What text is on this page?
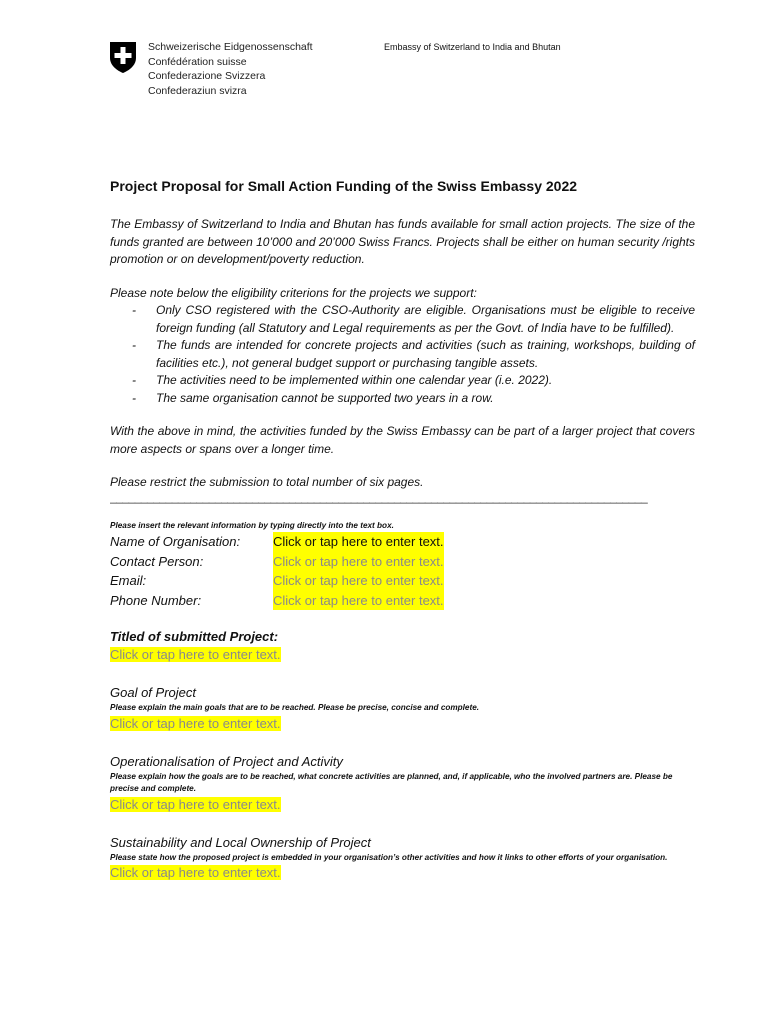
Schweizerische Eidgenossenschaft
Confédération suisse
Confederazione Svizzera
Confederaziun svizra
Embassy of Switzerland to India and Bhutan
Project Proposal for Small Action Funding of the Swiss Embassy 2022

The Embassy of Switzerland to India and Bhutan has funds available for small action projects. The size of the funds granted are between 10’000 and 20’000 Swiss Francs. Projects shall be either on human security /rights promotion or on development/poverty reduction.

Please note below the eligibility criterions for the projects we support:

- Only CSO registered with the CSO-Authority are eligible. Organisations must be eligible to receive foreign funding (all Statutory and Legal requirements as per the Govt. of India have to be fulfilled).
- The funds are intended for concrete projects and activities (such as training, workshops, building of facilities etc.), not general budget support or purchasing tangible assets.
- The activities need to be implemented within one calendar year (i.e. 2022).
- The same organisation cannot be supported two years in a row.

With the above in mind, the activities funded by the Swiss Embassy can be part of a larger project that covers more aspects or spans over a longer time.

Please restrict the submission to total number of six pages.

_______________________________________________________________________________________

Please insert the relevant information by typing directly into the text box.

Name of Organisation:	Click or tap here to enter text.
Contact Person:	Click or tap here to enter text.
Email:	Click or tap here to enter text.
Phone Number:	Click or tap here to enter text.

Titled of submitted Project:

Click or tap here to enter text.

Goal of Project

Please explain the main goals that are to be reached. Please be precise, concise and complete.

Click or tap here to enter text.

Operationalisation of Project and Activity

Please explain how the goals are to be reached, what concrete activities are planned, and, if applicable, who the involved partners are. Please be precise and complete.

Click or tap here to enter text.

Sustainability and Local Ownership of Project

Please state how the proposed project is embedded in your organisation’s other activities and how it links to other efforts of your organisation.

Click or tap here to enter text.
